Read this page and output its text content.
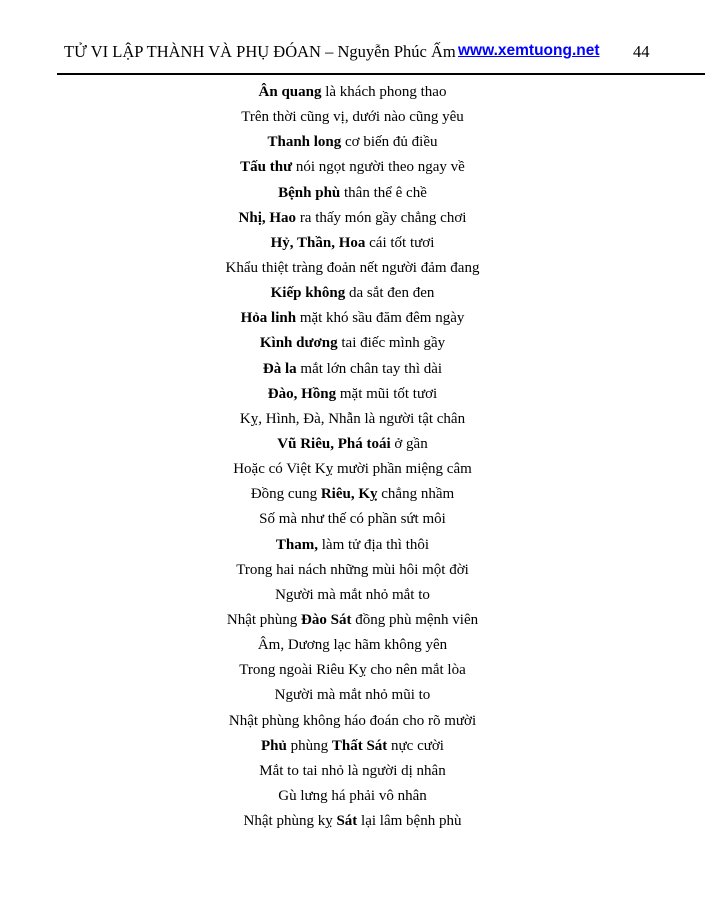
TỬ VI LẬP THÀNH VÀ PHỤ ĐÓAN – Nguyễn Phúc Ấm www.xemtuong.net 44
Ân quang là khách phong thao
Trên thời cũng vị, dưới nào cũng yêu
Thanh long cơ biến đủ điều
Tấu thư nói ngọt người theo ngay về
Bệnh phù thân thể ê chề
Nhị, Hao ra thấy món gầy chẳng chơi
Hỷ, Thần, Hoa cái tốt tươi
Khẩu thiệt tràng đoản nết người đảm đang
Kiếp không da sắt đen đen
Hỏa linh mặt khó sầu đăm đêm ngày
Kình dương tai điếc mình gầy
Đà la mắt lớn chân tay thì dài
Đào, Hồng mặt mũi tốt tươi
Kỵ, Hình, Đà, Nhẫn là người tật chân
Vũ Riêu, Phá toái ở gần
Hoặc có Việt Kỵ mười phần miệng câm
Đồng cung Riêu, Kỵ chẳng nhầm
Số mà như thế có phần sứt môi
Tham, làm tử địa thì thôi
Trong hai nách những mùi hôi một đời
Người mà mắt nhỏ mắt to
Nhật phùng Đào Sát đồng phù mệnh viên
Âm, Dương lạc hãm không yên
Trong ngoài Riêu Kỵ cho nên mắt lòa
Người mà mắt nhỏ mũi to
Nhật phùng không háo đoán cho rõ mười
Phủ phùng Thất Sát nực cười
Mắt to tai nhỏ là người dị nhân
Gù lưng há phải vô nhân
Nhật phùng kỵ Sát lại lâm bệnh phù
